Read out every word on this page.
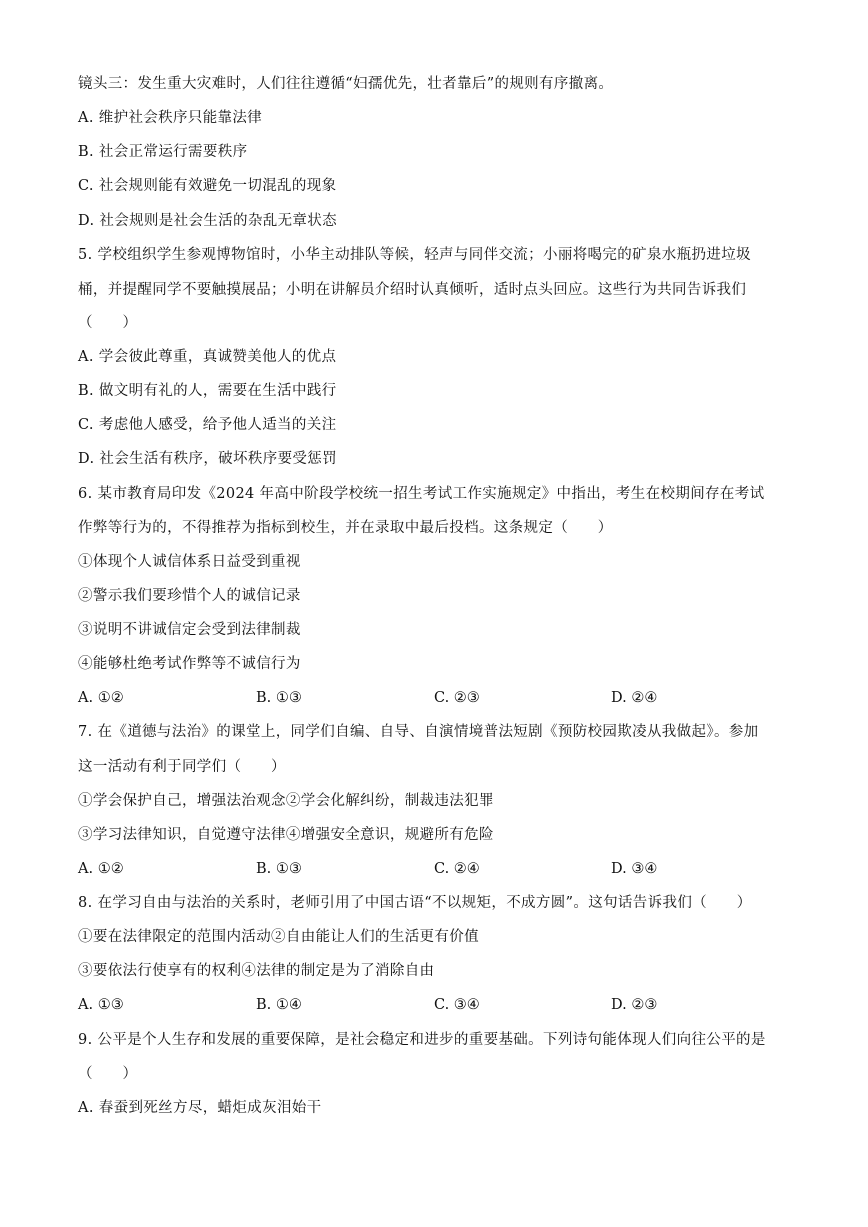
镜头三：发生重大灾难时，人们往往遵循“妇孺优先，壮者靠后”的规则有序撤离。
A. 维护社会秩序只能靠法律
B. 社会正常运行需要秩序
C. 社会规则能有效避免一切混乱的现象
D. 社会规则是社会生活的杂乱无章状态
5. 学校组织学生参观博物馆时，小华主动排队等候，轻声与同伴交流；小丽将喝完的矿泉水瓶扔进垃圾
桶，并提醒同学不要触摸展品；小明在讲解员介绍时认真倾听，适时点头回应。这些行为共同告诉我们
（　　）
A. 学会彼此尊重，真诚赞美他人的优点
B. 做文明有礼的人，需要在生活中践行
C. 考虑他人感受，给予他人适当的关注
D. 社会生活有秩序，破坏秩序要受惩罚
6. 某市教育局印发《2024 年高中阶段学校统一招生考试工作实施规定》中指出，考生在校期间存在考试
作弊等行为的，不得推荐为指标到校生，并在录取中最后投档。这条规定（　　）
①体现个人诚信体系日益受到重视
②警示我们要珍惜个人的诚信记录
③说明不讲诚信定会受到法律制裁
④能够杜绝考试作弊等不诚信行为
A. ①②	B. ①③	C. ②③	D. ②④
7. 在《道德与法治》的课堂上，同学们自编、自导、自演情境普法短剧《预防校园欺凌从我做起》。参加
这一活动有利于同学们（　　）
①学会保护自己，增强法治观念②学会化解纠纷，制裁违法犯罪
③学习法律知识，自觉遵守法律④增强安全意识，规避所有危险
A. ①②	B. ①③	C. ②④	D. ③④
8. 在学习自由与法治的关系时，老师引用了中国古语“不以规矩，不成方圆”。这句话告诉我们（　　）
①要在法律限定的范围内活动②自由能让人们的生活更有价值
③要依法行使享有的权利④法律的制定是为了消除自由
A. ①③	B. ①④	C. ③④	D. ②③
9. 公平是个人生存和发展的重要保障，是社会稳定和进步的重要基础。下列诗句能体现人们向往公平的是
（　　）
A. 春蚕到死丝方尽，蜡炬成灰泪始干
